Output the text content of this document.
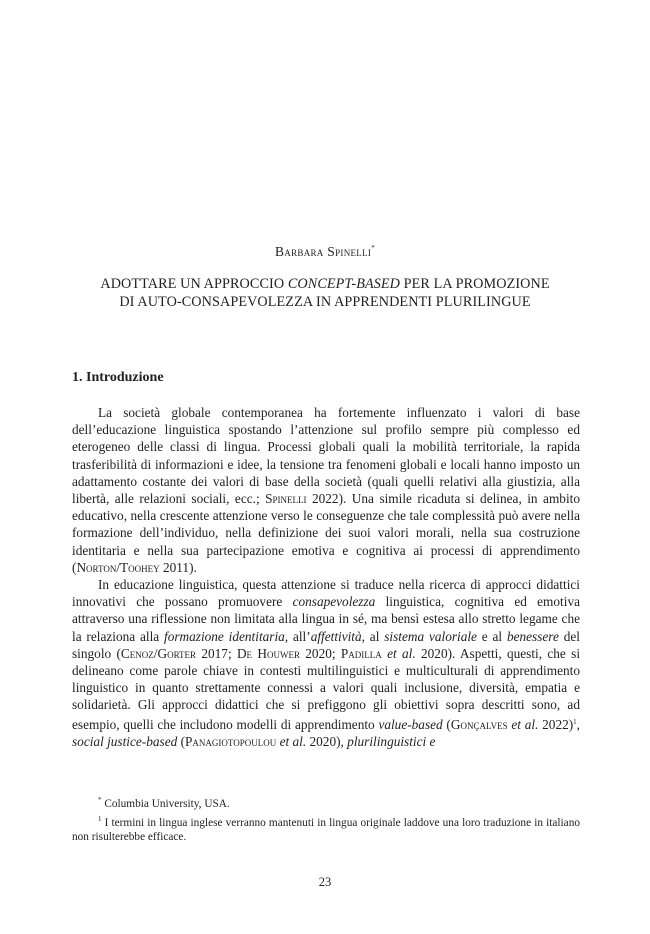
Barbara Spinelli*
ADOTTARE UN APPROCCIO CONCEPT-BASED PER LA PROMOZIONE
DI AUTO-CONSAPEVOLEZZA IN APPRENDENTI PLURILINGUE
1. Introduzione

La società globale contemporanea ha fortemente influenzato i valori di base dell’educazione linguistica spostando l’attenzione sul profilo sempre più complesso ed eterogeneo delle classi di lingua. Processi globali quali la mobilità territoriale, la rapida trasferibilità di informazioni e idee, la tensione tra fenomeni globali e locali hanno imposto un adattamento costante dei valori di base della società (quali quelli relativi alla giustizia, alla libertà, alle relazioni sociali, ecc.; Spinelli 2022). Una simile ricaduta si delinea, in ambito educativo, nella crescente attenzione verso le conseguenze che tale complessità può avere nella formazione dell’individuo, nella definizione dei suoi valori morali, nella sua costruzione identitaria e nella sua partecipazione emotiva e cognitiva ai processi di apprendimento (Norton/Toohey 2011).

In educazione linguistica, questa attenzione si traduce nella ricerca di approcci didattici innovativi che possano promuovere consapevolezza linguistica, cognitiva ed emotiva attraverso una riflessione non limitata alla lingua in sé, ma bensì estesa allo stretto legame che la relaziona alla formazione identitaria, all’affettività, al sistema valoriale e al benessere del singolo (Cenoz/Gorter 2017; De Houwer 2020; Padilla et al. 2020). Aspetti, questi, che si delineano come parole chiave in contesti multilinguistici e multiculturali di apprendimento linguistico in quanto strettamente connessi a valori quali inclusione, diversità, empatia e solidarietà. Gli approcci didattici che si prefiggono gli obiettivi sopra descritti sono, ad esempio, quelli che includono modelli di apprendimento value-based (Gonçalves et al. 2022)$^1$, social justice-based (Panagiotopoulou et al. 2020), plurilinguistici e

* Columbia University, USA.

$^1$ I termini in lingua inglese verranno mantenuti in lingua originale laddove una loro traduzione in italiano non risulterebbe efficace.

23
